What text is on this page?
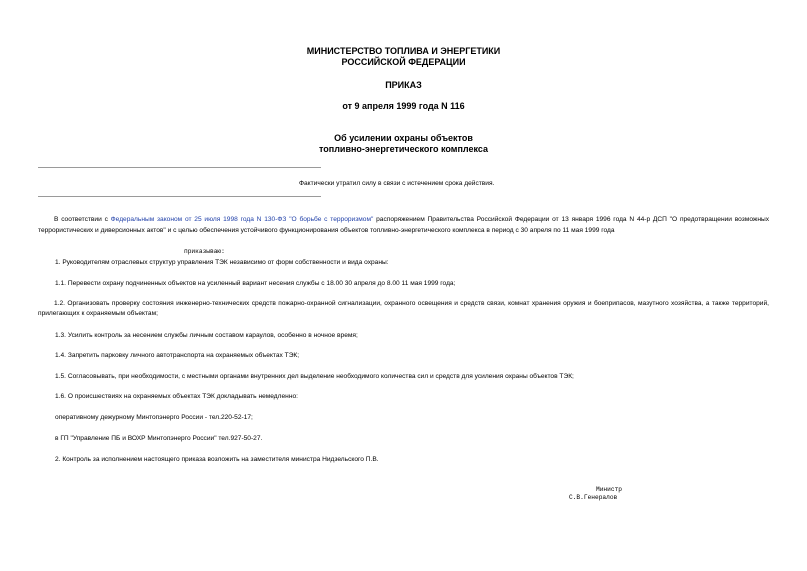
МИНИСТЕРСТВО ТОПЛИВА И ЭНЕРГЕТИКИ
РОССИЙСКОЙ ФЕДЕРАЦИИ
ПРИКАЗ
от 9 апреля 1999 года N 116
Об усилении охраны объектов
топливно-энергетического комплекса
Фактически утратил силу в связи с истечением срока действия.
В соответствии с Федеральным законом от 25 июля 1998 года N 130-ФЗ "О борьбе с терроризмом" распоряжением Правительства Российской Федерации от 13 января 1996 года N 44-р ДСП "О предотвращении возможных террористических и диверсионных актов" и с целью обеспечения устойчивого функционирования объектов топливно-энергетического комплекса в период с 30 апреля по 11 мая 1999 года
приказываю:
1. Руководителям отраслевых структур управления ТЭК независимо от форм собственности и вида охраны:
1.1. Перевести охрану подчиненных объектов на усиленный вариант несения службы с 18.00 30 апреля до 8.00 11 мая 1999 года;
1.2. Организовать проверку состояния инженерно-технических средств пожарно-охранной сигнализации, охранного освещения и средств связи, комнат хранения оружия и боеприпасов, мазутного хозяйства, а также территорий, прилегающих к охраняемым объектам;
1.3. Усилить контроль за несением службы личным составом караулов, особенно в ночное время;
1.4. Запретить парковку личного автотранспорта на охраняемых объектах ТЭК;
1.5. Согласовывать, при необходимости, с местными органами внутренних дел выделение необходимого количества сил и средств для усиления охраны объектов ТЭК;
1.6. О происшествиях на охраняемых объектах ТЭК докладывать немедленно:
оперативному дежурному Минтопэнерго России - тел.220-52-17;
в ГП "Управление ПБ и ВОХР Минтопэнерго России" тел.927-50-27.
2. Контроль за исполнением настоящего приказа возложить на заместителя министра Нидзельского П.В.
Министр
С.В.Генералов
